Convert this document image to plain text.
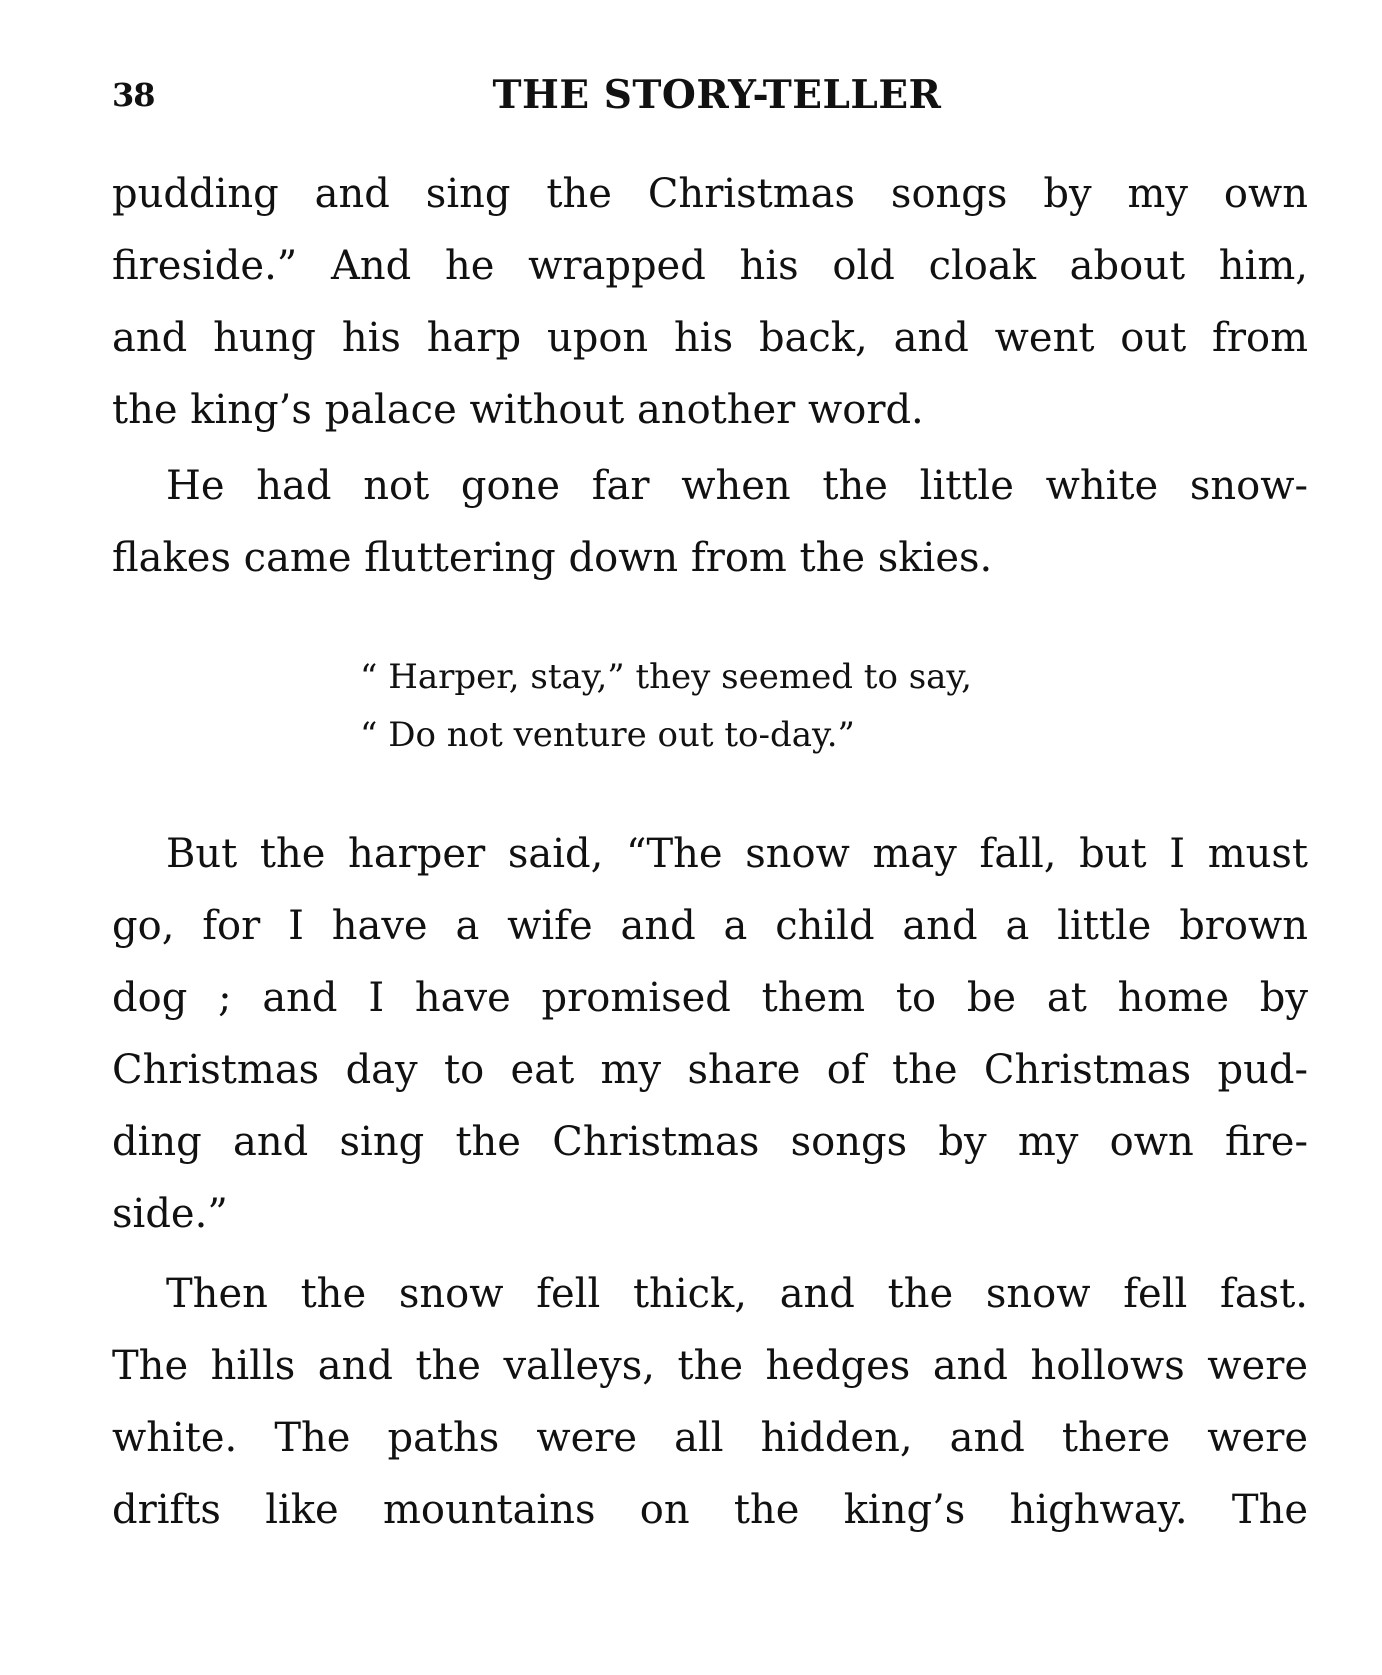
38	THE STORY-TELLER
pudding and sing the Christmas songs by my own
fireside.” And he wrapped his old cloak about him,
and hung his harp upon his back, and went out from
the king’s palace without another word.
He had not gone far when the little white snow-
flakes came fluttering down from the skies.
“ Harper, stay,” they seemed to say,
“ Do not venture out to-day.”
But the harper said, “The snow may fall, but I must
go, for I have a wife and a child and a little brown
dog ; and I have promised them to be at home by
Christmas day to eat my share of the Christmas pud-
ding and sing the Christmas songs by my own fire-
side.”
Then the snow fell thick, and the snow fell fast.
The hills and the valleys, the hedges and hollows were
white. The paths were all hidden, and there were
drifts like mountains on the king’s highway. The
